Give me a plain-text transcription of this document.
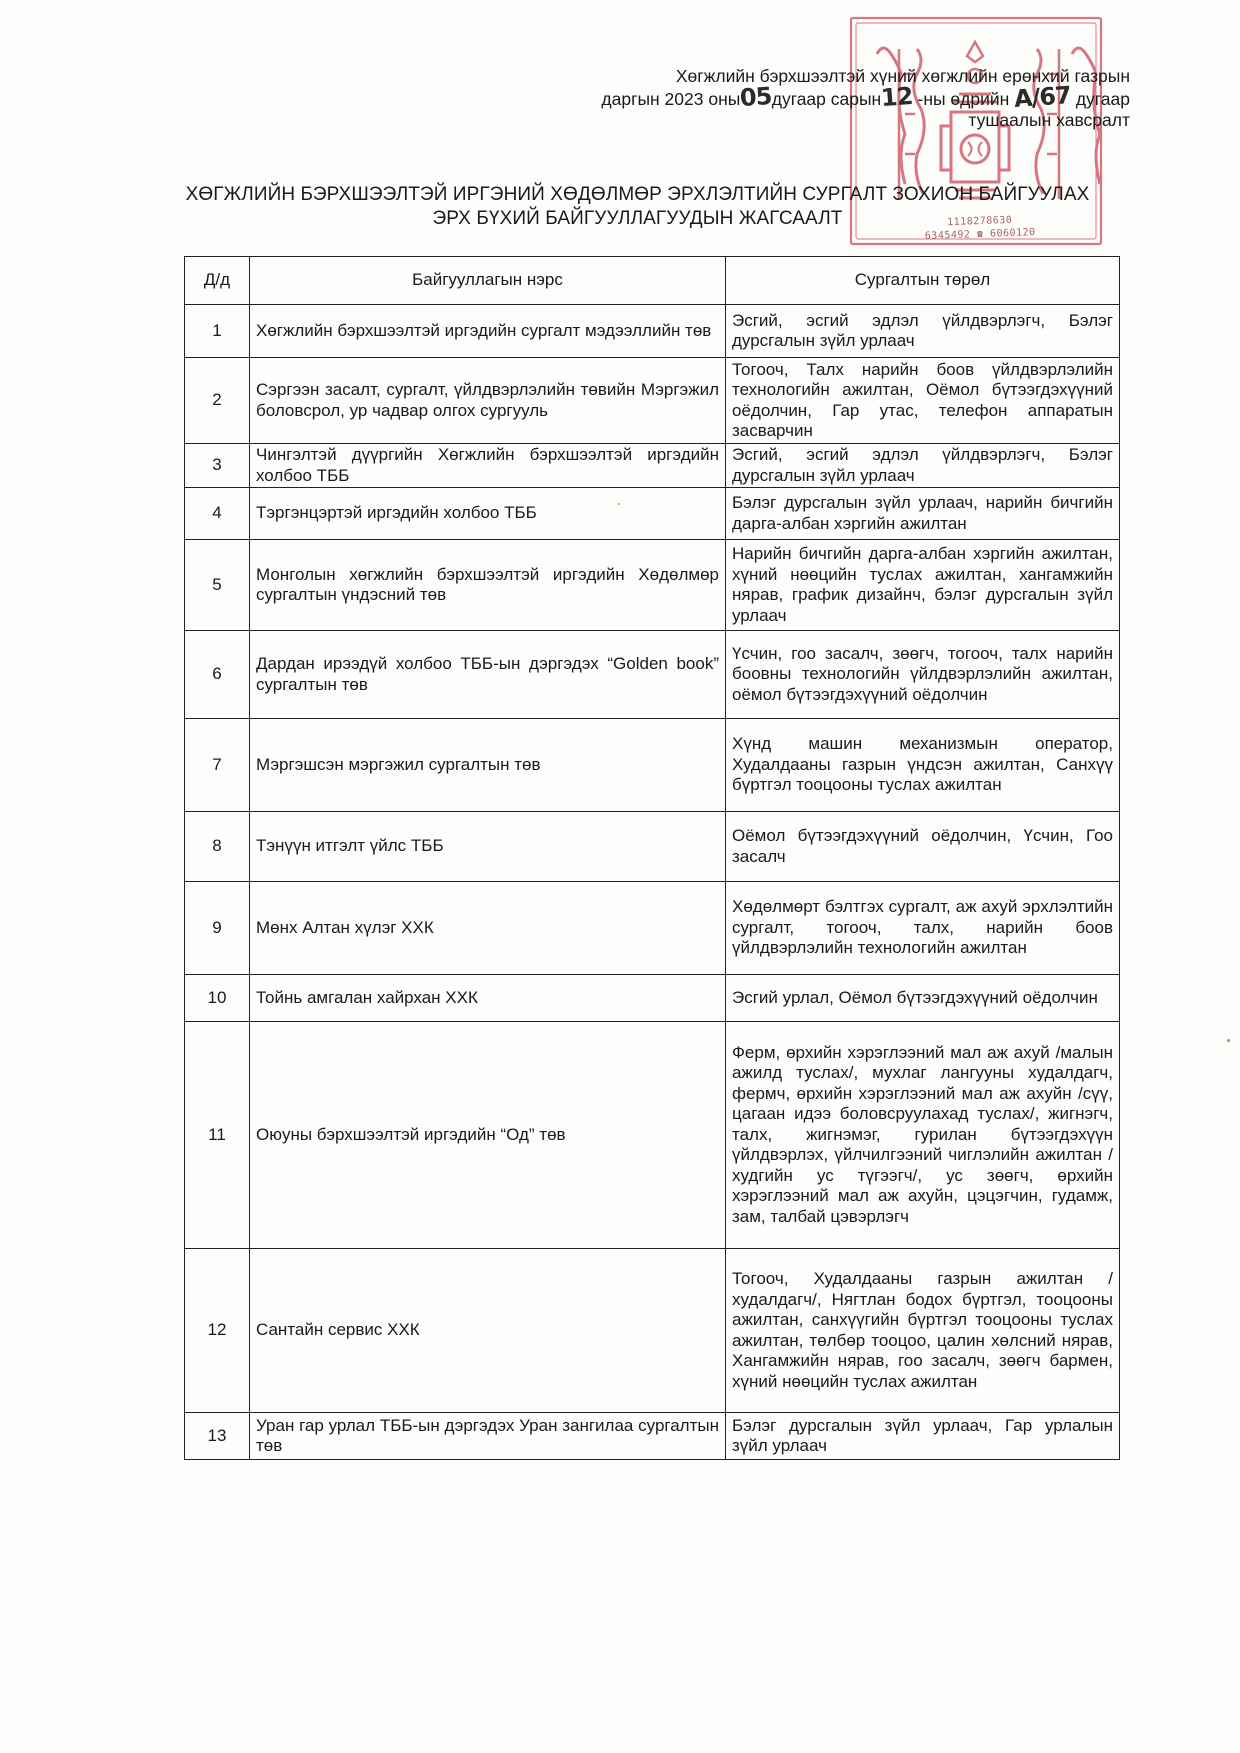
1118278630
6345492 ☎ 6060120
Хөгжлийн бэрхшээлтэй хүний хөгжлийн ерөнхий газрын
даргын 2023 оны05дугаар сарын12 -ны өдрийн А/67 дугаар
тушаалын хавсралт
ХӨГЖЛИЙН БЭРХШЭЭЛТЭЙ ИРГЭНИЙ ХӨДӨЛМӨР ЭРХЛЭЛТИЙН СУРГАЛТ ЗОХИОН БАЙГУУЛАХ
ЭРХ БҮХИЙ БАЙГУУЛЛАГУУДЫН ЖАГСААЛТ
Д/д	Байгууллагын нэрс	Сургалтын төрөл
1	Хөгжлийн бэрхшээлтэй иргэдийн сургалт мэдээллийн төв	Эсгий, эсгий эдлэл үйлдвэрлэгч, Бэлэг дурсгалын зүйл урлаач
2	Сэргээн засалт, сургалт, үйлдвэрлэлийн төвийн Мэргэжил боловсрол, ур чадвар олгох сургууль	Тогооч, Талх нарийн боов үйлдвэрлэлийн технологийн ажилтан, Оёмол бүтээгдэхүүний оёдолчин, Гар утас, телефон аппаратын засварчин
3	Чингэлтэй дүүргийн Хөгжлийн бэрхшээлтэй иргэдийн холбоо ТББ	Эсгий, эсгий эдлэл үйлдвэрлэгч, Бэлэг дурсгалын зүйл урлаач
4	Тэргэнцэртэй иргэдийн холбоо ТББ	Бэлэг дурсгалын зүйл урлаач, нарийн бичгийн дарга-албан хэргийн ажилтан
5	Монголын хөгжлийн бэрхшээлтэй иргэдийн Хөдөлмөр сургалтын үндэсний төв	Нарийн бичгийн дарга-албан хэргийн ажилтан, хүний нөөцийн туслах ажилтан, хангамжийн нярав, график дизайнч, бэлэг дурсгалын зүйл урлаач
6	Дардан ирээдүй холбоо ТББ-ын дэргэдэх “Golden book” сургалтын төв	Үсчин, гоо засалч, зөөгч, тогооч, талх нарийн боовны технологийн үйлдвэрлэлийн ажилтан, оёмол бүтээгдэхүүний оёдолчин
7	Мэргэшсэн мэргэжил сургалтын төв	Хүнд машин механизмын оператор, Худалдааны газрын үндсэн ажилтан, Санхүү бүртгэл тооцооны туслах ажилтан
8	Тэнүүн итгэлт үйлс ТББ	Оёмол бүтээгдэхүүний оёдолчин, Үсчин, Гоо засалч
9	Мөнх Алтан хүлэг ХХК	Хөдөлмөрт бэлтгэх сургалт, аж ахуй эрхлэлтийн сургалт, тогооч, талх, нарийн боов үйлдвэрлэлийн технологийн ажилтан
10	Тойнь амгалан хайрхан ХХК	Эсгий урлал, Оёмол бүтээгдэхүүний оёдолчин
11	Оюуны бэрхшээлтэй иргэдийн “Од” төв	Ферм, өрхийн хэрэглээний мал аж ахуй /малын ажилд туслах/, мухлаг лангууны худалдагч, фермч, өрхийн хэрэглээний мал аж ахуйн /сүү, цагаан идээ боловсруулахад туслах/, жигнэгч, талх, жигнэмэг, гурилан бүтээгдэхүүн үйлдвэрлэх, үйлчилгээний чиглэлийн ажилтан /худгийн ус түгээгч/, ус зөөгч, өрхийн хэрэглээний мал аж ахуйн, цэцэгчин, гудамж, зам, талбай цэвэрлэгч
12	Сантайн сервис ХХК	Тогооч, Худалдааны газрын ажилтан /худалдагч/, Нягтлан бодох бүртгэл, тооцооны ажилтан, санхүүгийн бүртгэл тооцооны туслах ажилтан, төлбөр тооцоо, цалин хөлсний нярав, Хангамжийн нярав, гоо засалч, зөөгч бармен, хүний нөөцийн туслах ажилтан
13	Уран гар урлал ТББ-ын дэргэдэх Уран зангилаа сургалтын төв	Бэлэг дурсгалын зүйл урлаач, Гар урлалын зүйл урлаач
